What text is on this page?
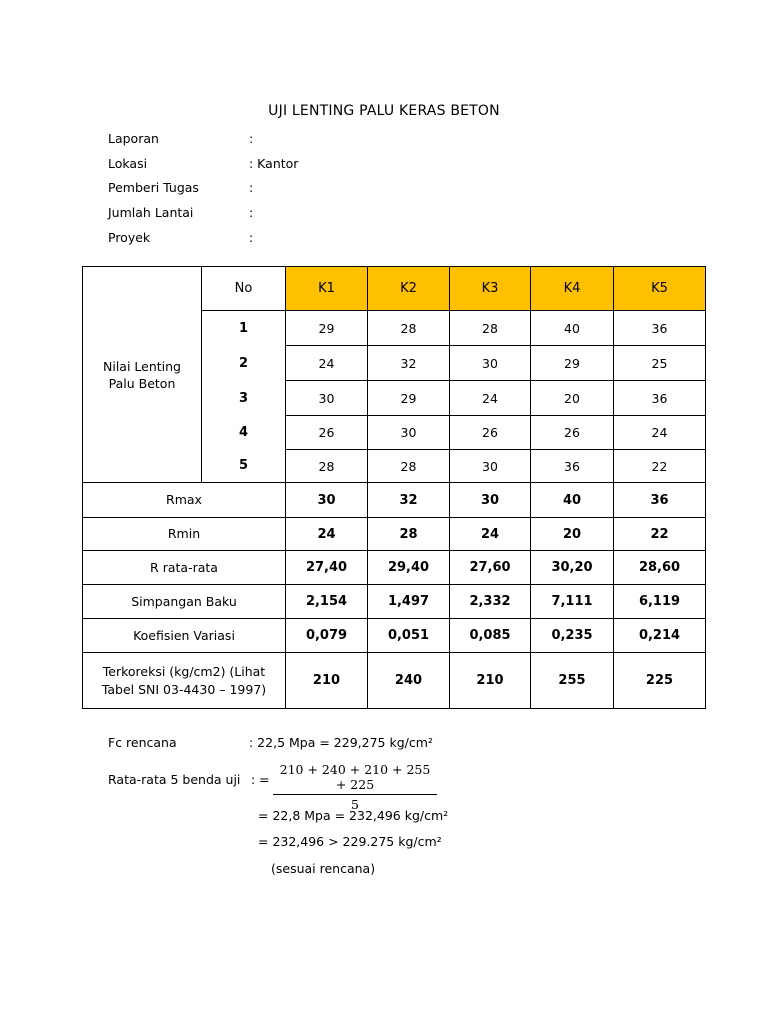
UJI LENTING PALU KERAS BETON
Laporan	:
Lokasi	: Kantor
Pemberi Tugas	:
Jumlah Lantai	:
Proyek	:
Nilai Lenting Palu Beton	No	K1	K2	K3	K4	K5
	1	29	28	28	40	36
	2	24	32	30	29	25
	3	30	29	24	20	36
	4	26	30	26	26	24
	5	28	28	30	36	22
Rmax		30	32	30	40	36
Rmin		24	28	24	20	22
R rata-rata		27,40	29,40	27,60	30,20	28,60
Simpangan Baku		2,154	1,497	2,332	7,111	6,119
Koefisien Variasi		0,079	0,051	0,085	0,235	0,214
Terkoreksi (kg/cm2) (Lihat Tabel SNI 03-4430 – 1997)		210	240	210	255	225
Fc rencana	: 22,5 Mpa = 229,275 kg/cm²
Rata-rata 5 benda uji : = $\frac{210 + 240 + 210 + 255 + 225}{5}$
= 22,8 Mpa = 232,496 kg/cm²
= 232,496 > 229.275 kg/cm²
(sesuai rencana)
